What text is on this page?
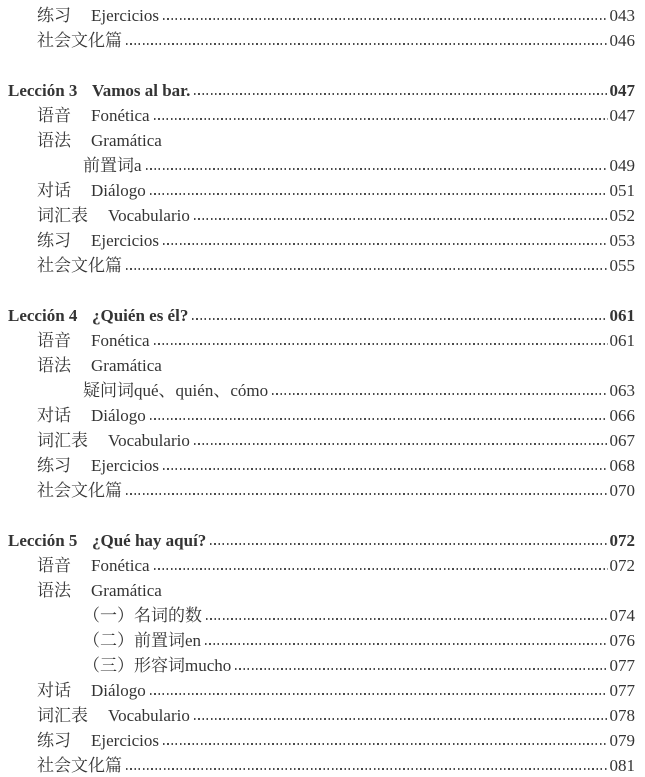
练习 Ejercicios	043
社会文化篇	046
Lección 3 Vamos al bar.	047
语音 Fonética	047
语法 Gramática
前置词a	049
对话 Diálogo	051
词汇表 Vocabulario	052
练习 Ejercicios	053
社会文化篇	055
Lección 4 ¿Quién es él?	061
语音 Fonética	061
语法 Gramática
疑问词qué、quién、cómo	063
对话 Diálogo	066
词汇表 Vocabulario	067
练习 Ejercicios	068
社会文化篇	070
Lección 5 ¿Qué hay aquí?	072
语音 Fonética	072
语法 Gramática
（一）名词的数	074
（二）前置词en	076
（三）形容词mucho	077
对话 Diálogo	077
词汇表 Vocabulario	078
练习 Ejercicios	079
社会文化篇	081
